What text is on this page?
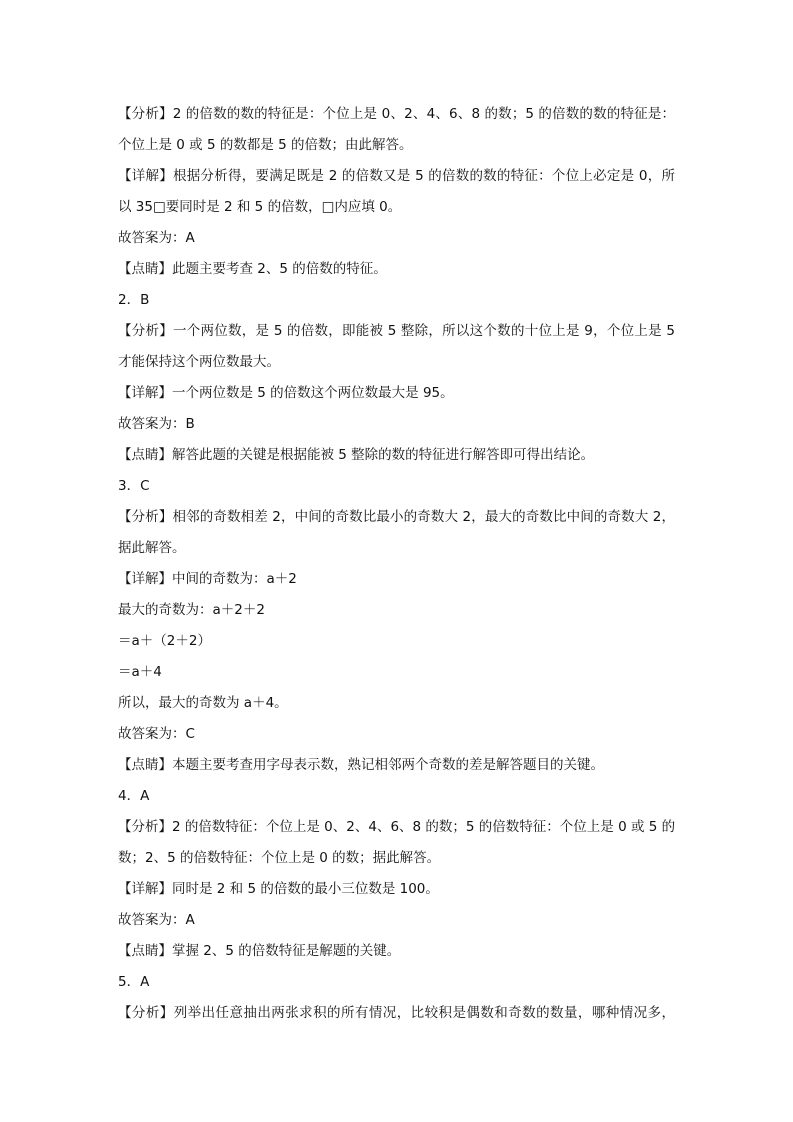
【分析】2 的倍数的数的特征是：个位上是 0、2、4、6、8 的数；5 的倍数的数的特征是：
个位上是 0 或 5 的数都是 5 的倍数；由此解答。
【详解】根据分析得，要满足既是 2 的倍数又是 5 的倍数的数的特征：个位上必定是 0，所
以 35□要同时是 2 和 5 的倍数，□内应填 0。
故答案为：A
【点睛】此题主要考查 2、5 的倍数的特征。
2．B
【分析】一个两位数，是 5 的倍数，即能被 5 整除，所以这个数的十位上是 9，个位上是 5
才能保持这个两位数最大。
【详解】一个两位数是 5 的倍数这个两位数最大是 95。
故答案为：B
【点睛】解答此题的关键是根据能被 5 整除的数的特征进行解答即可得出结论。
3．C
【分析】相邻的奇数相差 2，中间的奇数比最小的奇数大 2，最大的奇数比中间的奇数大 2，
据此解答。
【详解】中间的奇数为：a＋2
最大的奇数为：a＋2＋2
＝a＋（2＋2）
＝a＋4
所以，最大的奇数为 a＋4。
故答案为：C
【点睛】本题主要考查用字母表示数，熟记相邻两个奇数的差是解答题目的关键。
4．A
【分析】2 的倍数特征：个位上是 0、2、4、6、8 的数；5 的倍数特征：个位上是 0 或 5 的
数；2、5 的倍数特征：个位上是 0 的数；据此解答。
【详解】同时是 2 和 5 的倍数的最小三位数是 100。
故答案为：A
【点睛】掌握 2、5 的倍数特征是解题的关键。
5．A
【分析】列举出任意抽出两张求积的所有情况，比较积是偶数和奇数的数量，哪种情况多，
